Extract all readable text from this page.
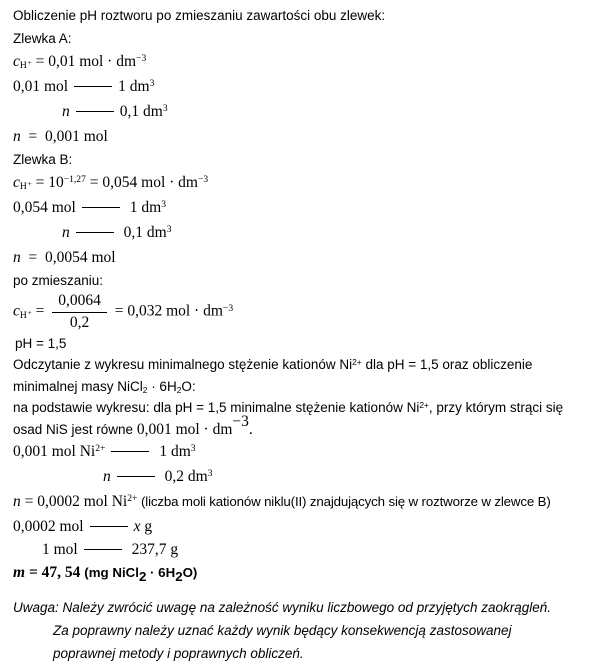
Obliczenie pH roztworu po zmieszaniu zawartości obu zlewek:
Zlewka A:
cH+ = 0,01 mol · $dm^{-3}$
0,01 mol	1 $dm^3$
n	0,1 $dm^3$
n  =  0,001 mol
Zlewka B:
$cH+ = 10^{-1,27} = 0,054$ mol · $dm^{-3}$
0,054 mol	1 $dm^3$
n	0,1 $dm^3$
n  =  0,0054 mol
po zmieszaniu:
$cH+ = \frac{0,0064}{0,2} = 0,032$ mol · $dm^{-3}$
pH = 1,5
Odczytanie z wykresu minimalnego stężenie kationów $Ni^{2+}$ dla pH = 1,5 oraz obliczenie
minimalnej masy NiCl2 · 6H2O:
na podstawie wykresu: dla pH = 1,5 minimalne stężenie kationów $Ni^{2+}$, przy którym strąci się
osad NiS jest równe 0,001 mol · dm−3.
0,001 mol $Ni^{2+}$	1 $dm^3$
n	0,2 $dm^3$
n = 0,0002 mol $Ni^{2+}$ (liczba moli kationów niklu(II) znajdujących się w roztworze w zlewce B)
0,0002 mol	x g
1 mol	237,7 g
m = 47, 54 (mg NiCl2 · 6H2O)
Uwaga: Należy zwrócić uwagę na zależność wyniku liczbowego od przyjętych zaokrągleń.
Za poprawny należy uznać każdy wynik będący konsekwencją zastosowanej
poprawnej metody i poprawnych obliczeń.
